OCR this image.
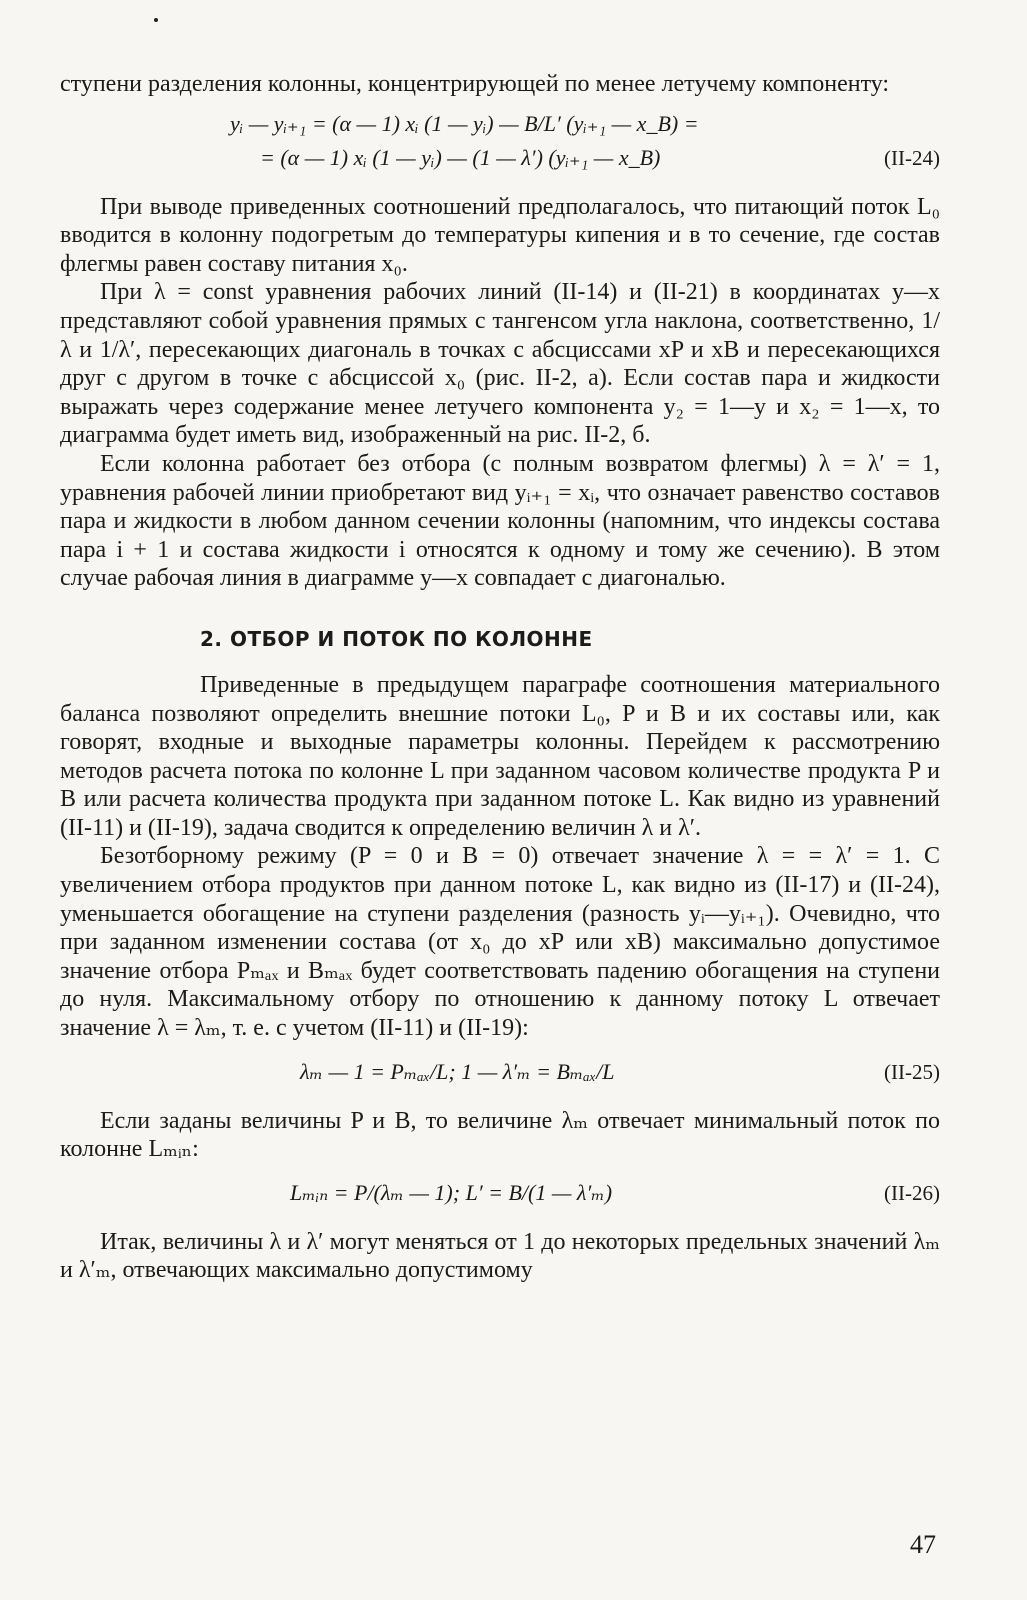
ступени разделения колонны, концентрирующей по менее летучему компоненту:

yᵢ — yᵢ₊₁ = (α — 1) xᵢ (1 — yᵢ) — B/L′ (yᵢ₊₁ — x_B) =
= (α — 1) xᵢ (1 — yᵢ) — (1 — λ′) (yᵢ₊₁ — x_B)	(II-24)

При выводе приведенных соотношений предполагалось, что питающий поток L₀ вводится в колонну подогретым до температуры кипения и в то сечение, где состав флегмы равен составу питания x₀.

При λ = const уравнения рабочих линий (II-14) и (II-21) в координатах y—x представляют собой уравнения прямых с тангенсом угла наклона, соответственно, 1/λ и 1/λ′, пересекающих диагональ в точках с абсциссами xP и xB и пересекающихся друг с другом в точке с абсциссой x₀ (рис. II-2, а). Если состав пара и жидкости выражать через содержание менее летучего компонента y₂ = 1—y и x₂ = 1—x, то диаграмма будет иметь вид, изображенный на рис. II-2, б.

Если колонна работает без отбора (с полным возвратом флегмы) λ = λ′ = 1, уравнения рабочей линии приобретают вид yᵢ₊₁ = xᵢ, что означает равенство составов пара и жидкости в любом данном сечении колонны (напомним, что индексы состава пара i + 1 и состава жидкости i относятся к одному и тому же сечению). В этом случае рабочая линия в диаграмме y—x совпадает с диагональю.

2. ОТБОР И ПОТОК ПО КОЛОННЕ

Приведенные в предыдущем параграфе соотношения материального баланса позволяют определить внешние потоки L₀, P и B и их составы или, как говорят, входные и выходные параметры колонны. Перейдем к рассмотрению методов расчета потока по колонне L при заданном часовом количестве продукта P и B или расчета количества продукта при заданном потоке L. Как видно из уравнений (II-11) и (II-19), задача сводится к определению величин λ и λ′.

Безотборному режиму (P = 0 и B = 0) отвечает значение λ = = λ′ = 1. С увеличением отбора продуктов при данном потоке L, как видно из (II-17) и (II-24), уменьшается обогащение на ступени разделения (разность yᵢ—yᵢ₊₁). Очевидно, что при заданном изменении состава (от x₀ до xP или xB) максимально допустимое значение отбора Pₘₐₓ и Bₘₐₓ будет соответствовать падению обогащения на ступени до нуля. Максимальному отбору по отношению к данному потоку L отвечает значение λ = λₘ, т. е. с учетом (II-11) и (II-19):

λₘ — 1 = Pₘₐₓ/L; 1 — λ′ₘ = Bₘₐₓ/L	(II-25)

Если заданы величины P и B, то величине λₘ отвечает минимальный поток по колонне Lₘᵢₙ:

Lₘᵢₙ = P/(λₘ — 1); L′ = B/(1 — λ′ₘ)	(II-26)

Итак, величины λ и λ′ могут меняться от 1 до некоторых предельных значений λₘ и λ′ₘ, отвечающих максимально допустимому

47
